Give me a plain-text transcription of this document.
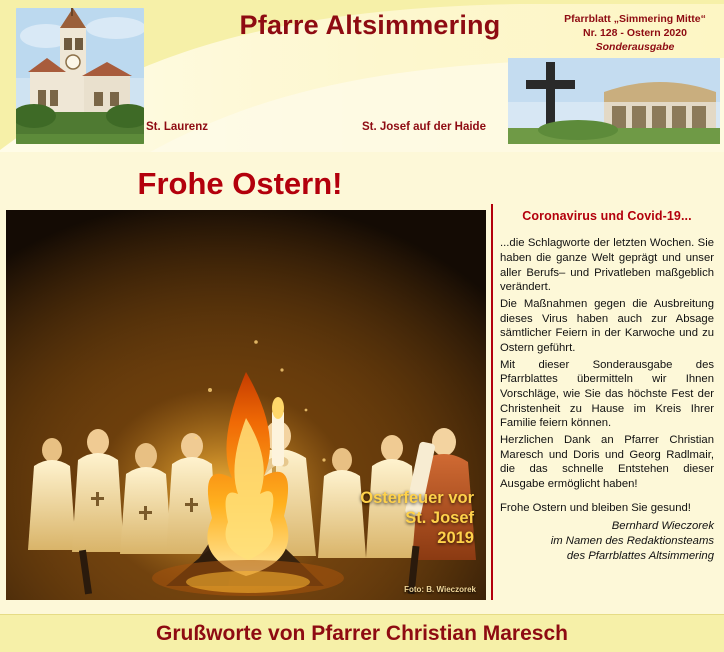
Pfarre Altsimmering	Pfarrblatt „Simmering Mitte“
Nr. 128 - Ostern 2020
Sonderausgabe
St. Laurenz	St. Josef auf der Haide
Frohe Ostern!
Osterfeuer vor
St. Josef
2019
Foto: B. Wieczorek
Coronavirus und Covid-19...

...die Schlagworte der letzten Wochen. Sie haben die ganze Welt geprägt und unser aller Berufs– und Privatleben maßgeblich verändert.

Die Maßnahmen gegen die Ausbreitung dieses Virus haben auch zur Absage sämtlicher Feiern in der Karwoche und zu Ostern geführt.

Mit dieser Sonderausgabe des Pfarrblattes übermitteln wir Ihnen Vorschläge, wie Sie das höchste Fest der Christenheit zu Hause im Kreis Ihrer Familie feiern können.

Herzlichen Dank an Pfarrer Christian Maresch und Doris und Georg Radlmair, die das schnelle Entstehen dieser Ausgabe ermöglicht haben!

Frohe Ostern und bleiben Sie gesund!

Bernhard Wieczorek
im Namen des Redaktionsteams
des Pfarrblattes Altsimmering
Grußworte von Pfarrer Christian Maresch
